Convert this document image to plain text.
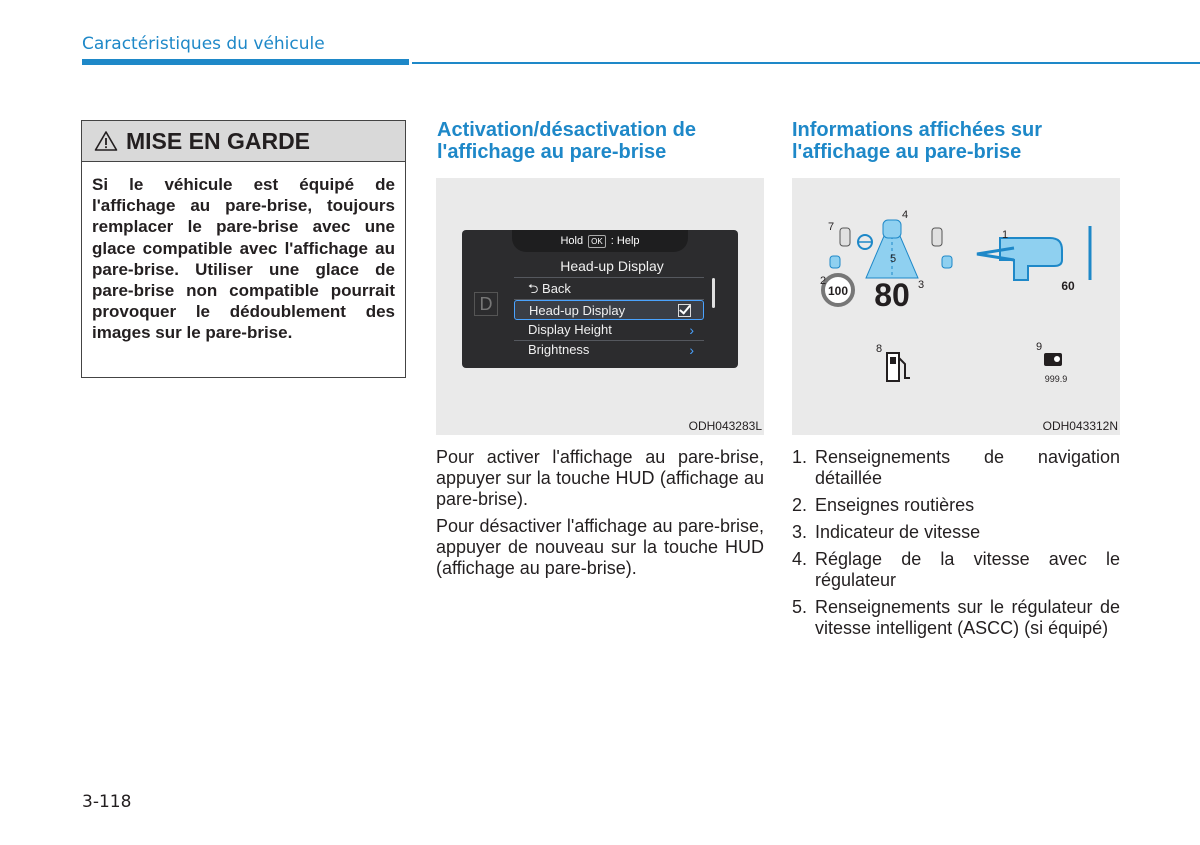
Caractéristiques du véhicule
MISE EN GARDE
Si le véhicule est équipé de l'affichage au pare-brise, toujours remplacer le pare-brise avec une glace compatible avec l'affichage au pare-brise. Utiliser une glace de pare-brise non compatible pourrait provoquer le dédoublement des images sur le pare-brise.
Activation/désactivation de l'affichage au pare-brise
Hold OK : Help
D
Head-up Display
⮌ Back
Head-up Display
Display Height	›
Brightness	›
ODH043283L

Pour activer l'affichage au pare-brise, appuyer sur la touche HUD (affichage au pare-brise).

Pour désactiver l'affichage au pare-brise, appuyer de nouveau sur la touche HUD (affichage au pare-brise).

Informations affichées sur l'affichage au pare-brise
100 80	60
999.9
1
2	3
4
5
7
8	9
ODH043312N
1. Renseignements de navigation détaillée
2. Enseignes routières
3. Indicateur de vitesse
4. Réglage de la vitesse avec le régulateur
5. Renseignements sur le régulateur de vitesse intelligent (ASCC) (si équipé)
3-118
